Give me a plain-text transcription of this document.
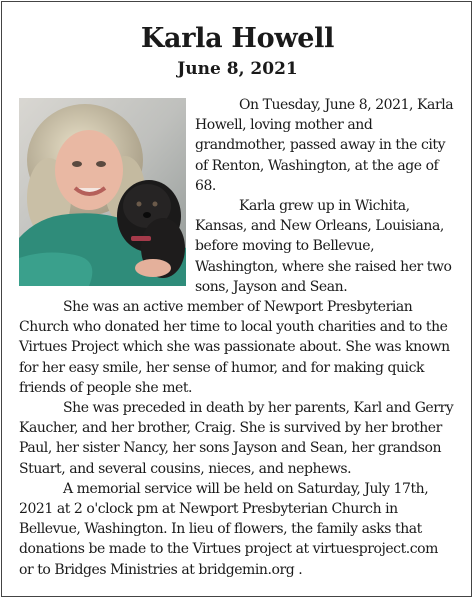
Karla Howell
June 8, 2021

On Tuesday, June 8, 2021, Karla Howell, loving mother and grandmother, passed away in the city of Renton, Washington, at the age of 68.

Karla grew up in Wichita, Kansas, and New Orleans, Louisiana, before moving to Bellevue, Washington, where she raised her two sons, Jayson and Sean.

She was an active member of Newport Presbyterian Church who donated her time to local youth charities and to the Virtues Project which she was passionate about. She was known for her easy smile, her sense of humor, and for making quick friends of people she met.

She was preceded in death by her parents, Karl and Gerry Kaucher, and her brother, Craig. She is survived by her brother Paul, her sister Nancy, her sons Jayson and Sean, her grandson Stuart, and several cousins, nieces, and nephews.

A memorial service will be held on Saturday, July 17th, 2021 at 2 o'clock pm at Newport Presbyterian Church in Bellevue, Washington. In lieu of flowers, the family asks that donations be made to the Virtues project at virtuesproject.com or to Bridges Ministries at bridgemin.org .
